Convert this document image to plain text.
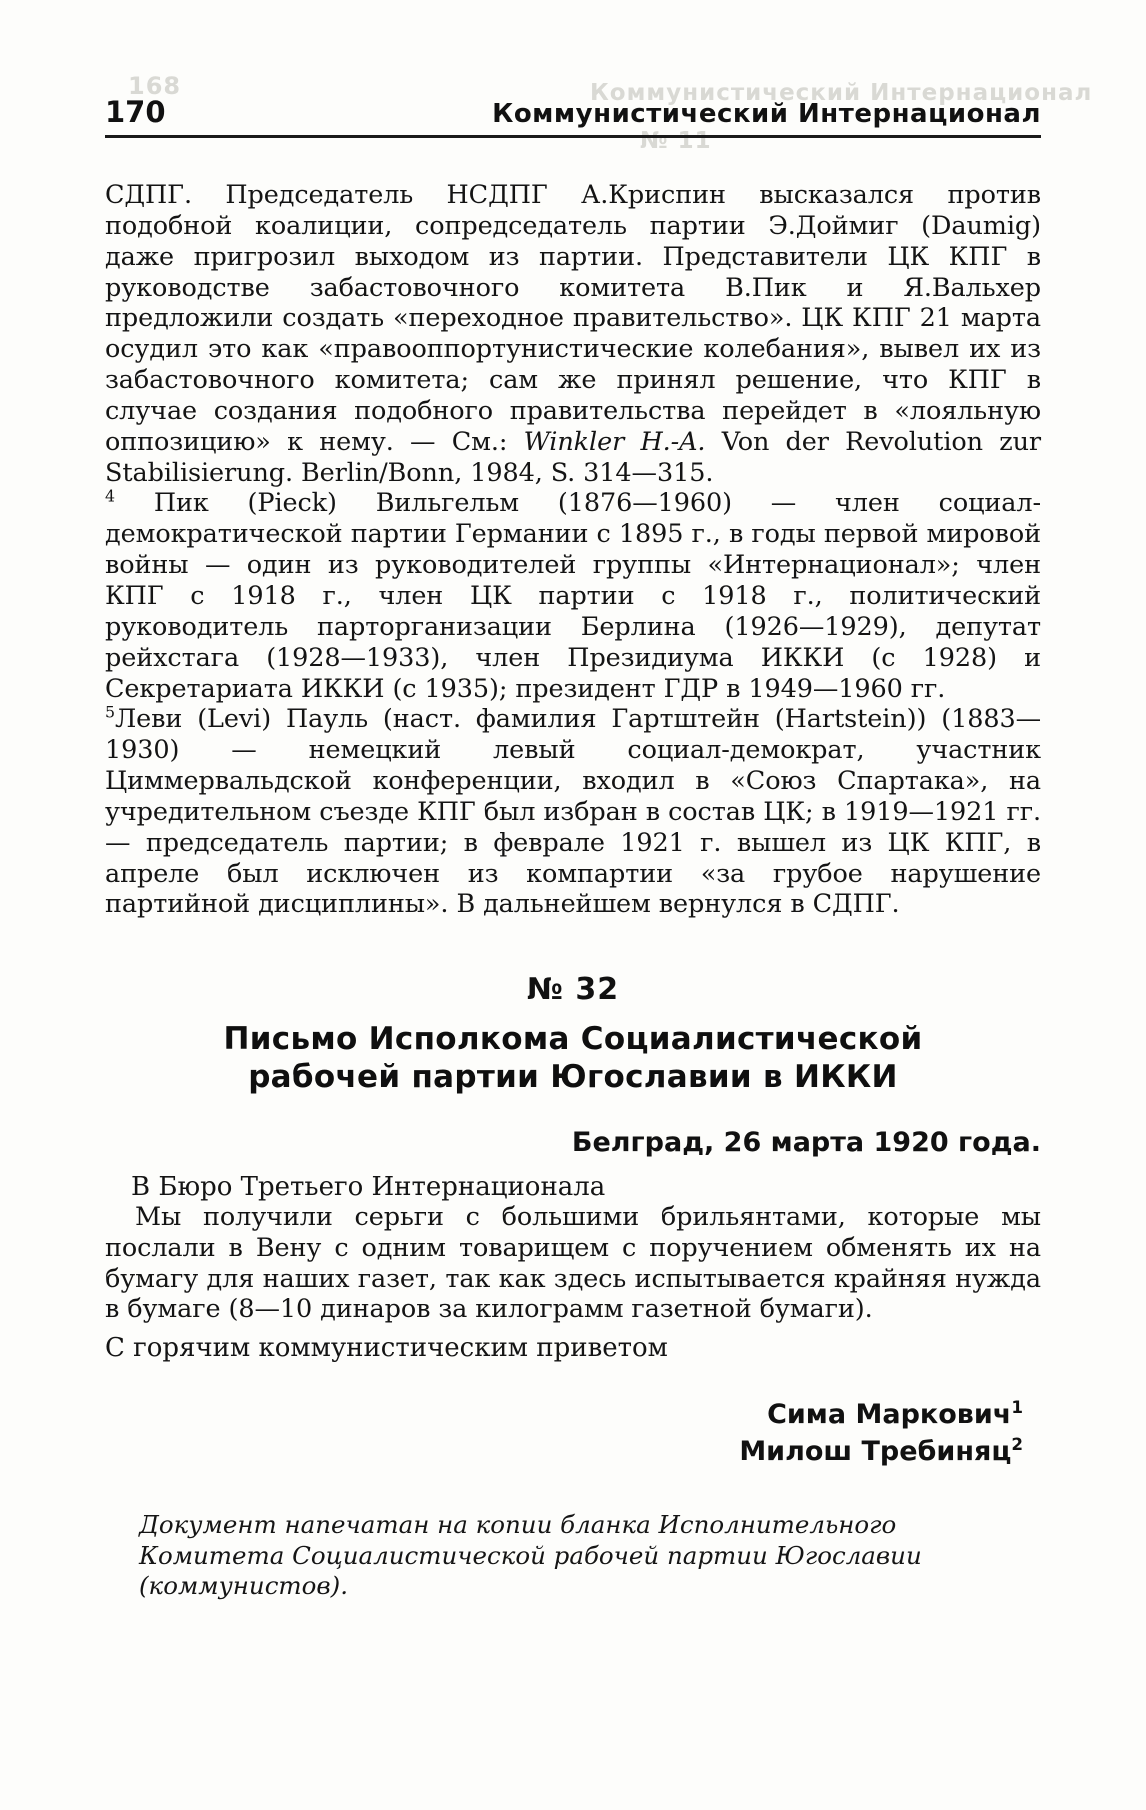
168	Коммунистический Интернационал
№ 11
170	Коммунистический Интернационал

СДПГ. Председатель НСДПГ А.Криспин высказался против подобной коалиции, сопредседатель партии Э.Доймиг (Daumig) даже пригрозил выходом из партии. Представители ЦК КПГ в руководстве забастовочного комитета В.Пик и Я.Вальхер предложили создать «переходное правительство». ЦК КПГ 21 марта осудил это как «правооппортунистические колебания», вывел их из забастовочного комитета; сам же принял решение, что КПГ в случае создания подобного правительства перейдет в «лояльную оппозицию» к нему. — См.: Winkler H.-A. Von der Revolution zur Stabilisierung. Berlin/Bonn, 1984, S. 314—315.

$^4$ Пик (Pieck) Вильгельм (1876—1960) — член социал-демократической партии Германии с 1895 г., в годы первой мировой войны — один из руководителей группы «Интернационал»; член КПГ с 1918 г., член ЦК партии с 1918 г., политический руководитель парторганизации Берлина (1926—1929), депутат рейхстага (1928—1933), член Президиума ИККИ (с 1928) и Секретариата ИККИ (с 1935); президент ГДР в 1949—1960 гг.

$^5$Леви (Levi) Пауль (наст. фамилия Гартштейн (Hartstein)) (1883—1930) — немецкий левый социал-демократ, участник Циммервальдской конференции, входил в «Союз Спартака», на учредительном съезде КПГ был избран в состав ЦК; в 1919—1921 гг. — председатель партии; в феврале 1921 г. вышел из ЦК КПГ, в апреле был исключен из компартии «за грубое нарушение партийной дисциплины». В дальнейшем вернулся в СДПГ.

№ 32
Письмо Исполкома Социалистической
рабочей партии Югославии в ИККИ
Белград, 26 марта 1920 года.
В Бюро Третьего Интернационала

Мы получили серьги с большими брильянтами, которые мы послали в Вену с одним товарищем с поручением обменять их на бумагу для наших газет, так как здесь испытывается крайняя нужда в бумаге (8—10 динаров за килограмм газетной бумаги).

С горячим коммунистическим приветом
Сима Маркович$^1$
Милош Требиняц$^2$
Документ напечатан на копии бланка Исполнительного Комитета Социалистической рабочей партии Югославии (коммунистов).
